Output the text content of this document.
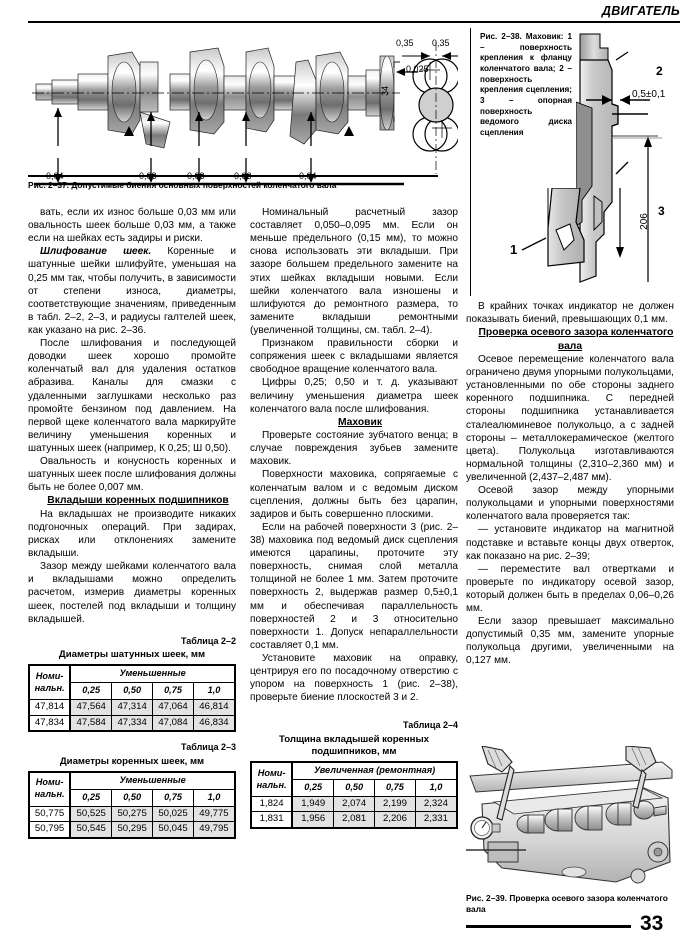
ДВИГАТЕЛЬ
0,04	0,03	0,03	0,03	0,04
0,35 0,35
0,025
34
Рис. 2–38. Маховик: 1 – поверхность крепления к фланцу коленчатого вала; 2 – поверхность крепления сцепления; 3 – опорная поверхность ведомого диска сцепления
2
3
0,5±0,1
206
1
Рис. 2–37. Допустимые биения основных поверхностей коленчатого вала

вать, если их износ больше 0,03 мм или овальность шеек больше 0,03 мм, а также если на шейках есть задиры и риски.

Шлифование шеек. Коренные и шатунные шейки шлифуйте, уменьшая на 0,25 мм так, чтобы получить, в зависимости от степени износа, диаметры, соответствующие значениям, приведенным в табл. 2–2, 2–3, и радиусы галтелей шеек, как указано на рис. 2–36.

После шлифования и последующей доводки шеек хорошо промойте коленчатый вал для удаления остатков абразива. Каналы для смазки с удаленными заглушками несколько раз промойте бензином под давлением. На первой щеке коленчатого вала маркируйте величину уменьшения коренных и шатунных шеек (например, К 0,25; Ш 0,50).

Овальность и конусность коренных и шатунных шеек после шлифования должны быть не более 0,007 мм.

Вкладыши коренных подшипников

На вкладышах не производите никаких подгоночных операций. При задирах, рисках или отклонениях замените вкладыши.

Зазор между шейками коленчатого вала и вкладышами можно определить расчетом, измерив диаметры коренных шеек, постелей под вкладыши и толщину вкладышей.

Таблица 2–2
Диаметры шатунных шеек, мм
Номи-нальн.	Уменьшенные			
	0,25	0,50	0,75	1,0
47,814	47,564	47,314	47,064	46,814
47,834	47,584	47,334	47,084	46,834
Таблица 2–3
Диаметры коренных шеек, мм
Номи-нальн.	Уменьшенные			
	0,25	0,50	0,75	1,0
50,775	50,525	50,275	50,025	49,775
50,795	50,545	50,295	50,045	49,795

Номинальный расчетный зазор составляет 0,050–0,095 мм. Если он меньше предельного (0,15 мм), то можно снова использовать эти вкладыши. При зазоре большем предельного замените на этих шейках вкладыши новыми. Если шейки коленчатого вала изношены и шлифуются до ремонтного размера, то замените вкладыши ремонтными (увеличенной толщины, см. табл. 2–4).

Признаком правильности сборки и сопряжения шеек с вкладышами является свободное вращение коленчатого вала.

Цифры 0,25; 0,50 и т. д. указывают величину уменьшения диаметра шеек коленчатого вала после шлифования.

Маховик

Проверьте состояние зубчатого венца; в случае повреждения зубьев замените маховик.

Поверхности маховика, сопрягаемые с коленчатым валом и с ведомым диском сцепления, должны быть без царапин, задиров и быть совершенно плоскими.

Если на рабочей поверхности 3 (рис. 2–38) маховика под ведомый диск сцепления имеются царапины, проточите эту поверхность, снимая слой металла толщиной не более 1 мм. Затем проточите поверхность 2, выдержав размер 0,5±0,1 мм и обеспечивая параллельность поверхностей 2 и 3 относительно поверхности 1. Допуск непараллельности составляет 0,1 мм.

Установите маховик на оправку, центрируя его по посадочному отверстию с упором на поверхность 1 (рис. 2–38), проверьте биение плоскостей 3 и 2.

Таблица 2–4
Толщина вкладышей коренных подшипников, мм
Номи-нальн.	Увеличенная (ремонтная)			
	0,25	0,50	0,75	1,0
1,824	1,949	2,074	2,199	2,324
1,831	1,956	2,081	2,206	2,331

В крайних точках индикатор не должен показывать биений, превышающих 0,1 мм.

Проверка осевого зазора коленчатого вала

Осевое перемещение коленчатого вала ограничено двумя упорными полукольцами, установленными по обе стороны заднего коренного подшипника. С передней стороны подшипника устанавливается сталеалюминевое полукольцо, а с задней стороны – металлокерамическое (желтого цвета). Полукольца изготавливаются нормальной толщины (2,310–2,360 мм) и увеличенной (2,437–2,487 мм).

Осевой зазор между упорными полукольцами и упорными поверхностями коленчатого вала проверяется так:

— установите индикатор на магнитной подставке и вставьте концы двух отверток, как показано на рис. 2–39;

— переместите вал отвертками и проверьте по индикатору осевой зазор, который должен быть в пределах 0,06–0,26 мм.

Если зазор превышает максимально допустимый 0,35 мм, замените упорные полукольца другими, увеличенными на 0,127 мм.

Рис. 2–39. Проверка осевого зазора коленчатого вала
33
